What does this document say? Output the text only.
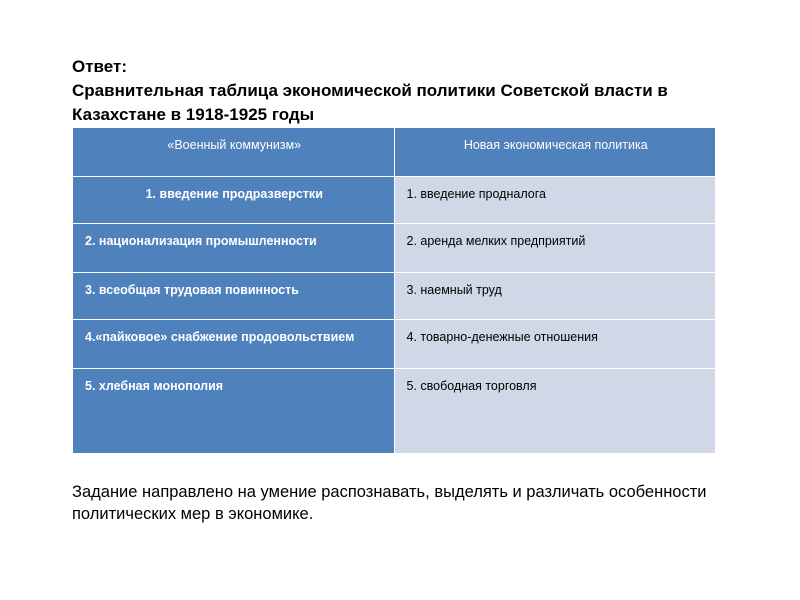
Ответ:
Сравнительная таблица экономической политики Советской власти в Казахстане в 1918-1925 годы
«Военный коммунизм»	Новая экономическая политика
1. введение продразверстки	1. введение продналога
2. национализация промышленности	2. аренда мелких предприятий
3. всеобщая трудовая повинность	3. наемный труд
4.«пайковое» снабжение продовольствием	4. товарно-денежные отношения
5. хлебная монополия	5. свободная торговля
Задание направлено на умение распознавать, выделять и различать особенности политических мер в экономике.
